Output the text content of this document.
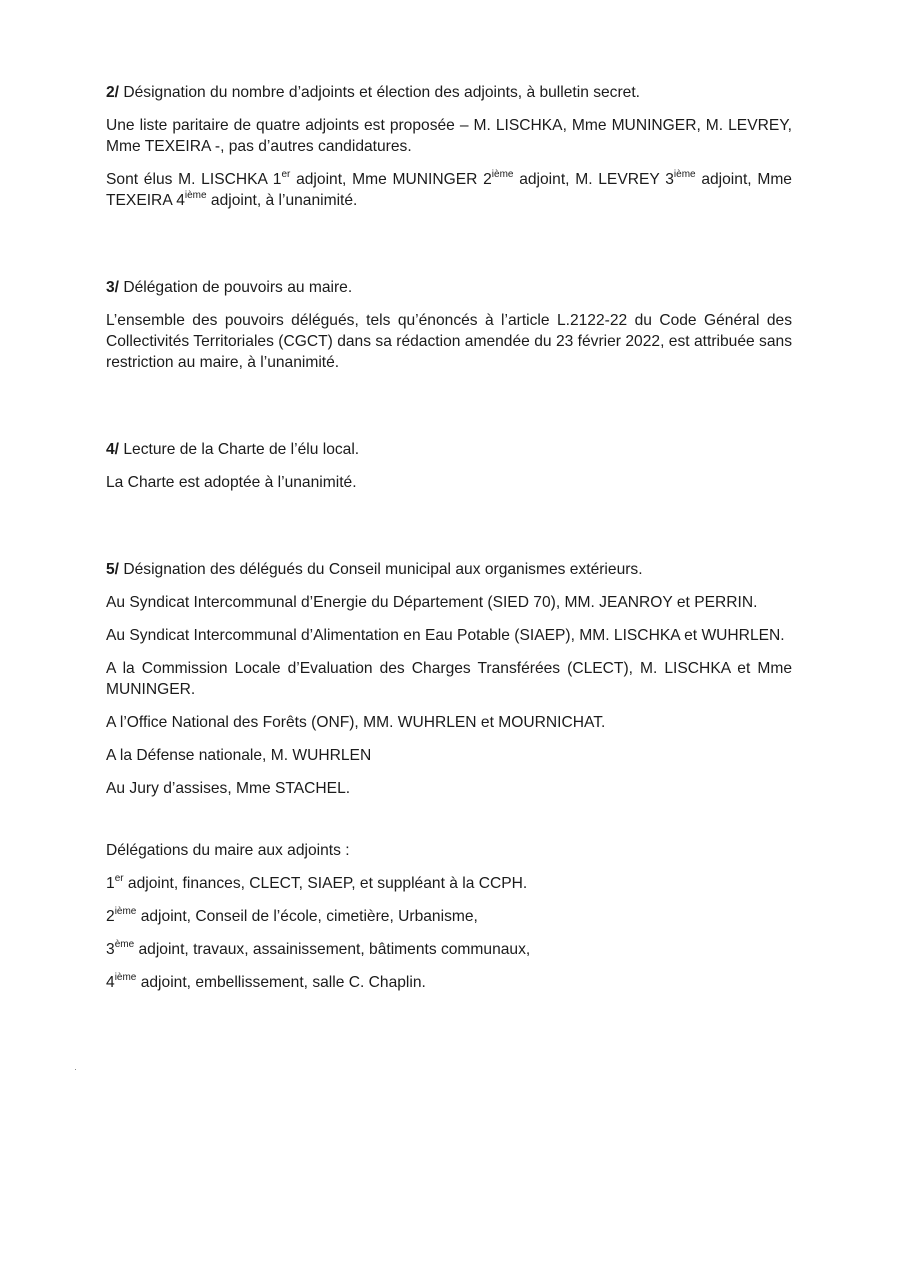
2/ Désignation du nombre d’adjoints et élection des adjoints, à bulletin secret.

Une liste paritaire de quatre adjoints est proposée – M. LISCHKA, Mme MUNINGER, M. LEVREY, Mme TEXEIRA -, pas d’autres candidatures.

Sont élus M. LISCHKA 1er adjoint, Mme MUNINGER 2ième adjoint, M. LEVREY 3ième adjoint, Mme TEXEIRA 4ième adjoint, à l’unanimité.

3/ Délégation de pouvoirs au maire.

L’ensemble des pouvoirs délégués, tels qu’énoncés à l’article L.2122-22 du Code Général des Collectivités Territoriales (CGCT) dans sa rédaction amendée du 23 février 2022, est attribuée sans restriction au maire, à l’unanimité.

4/ Lecture de la Charte de l’élu local.

La Charte est adoptée à l’unanimité.

5/ Désignation des délégués du Conseil municipal aux organismes extérieurs.

Au Syndicat Intercommunal d’Energie du Département (SIED 70), MM. JEANROY et PERRIN.

Au Syndicat Intercommunal d’Alimentation en Eau Potable (SIAEP), MM. LISCHKA et WUHRLEN.

A la Commission Locale d’Evaluation des Charges Transférées (CLECT), M. LISCHKA et Mme MUNINGER.

A l’Office National des Forêts (ONF), MM. WUHRLEN et MOURNICHAT.

A la Défense nationale, M. WUHRLEN

Au Jury d’assises, Mme STACHEL.

Délégations du maire aux adjoints :

1er adjoint, finances, CLECT, SIAEP, et suppléant à la CCPH.

2ième adjoint, Conseil de l’école, cimetière, Urbanisme,

3ème adjoint, travaux, assainissement, bâtiments communaux,

4ième adjoint, embellissement, salle C. Chaplin.
